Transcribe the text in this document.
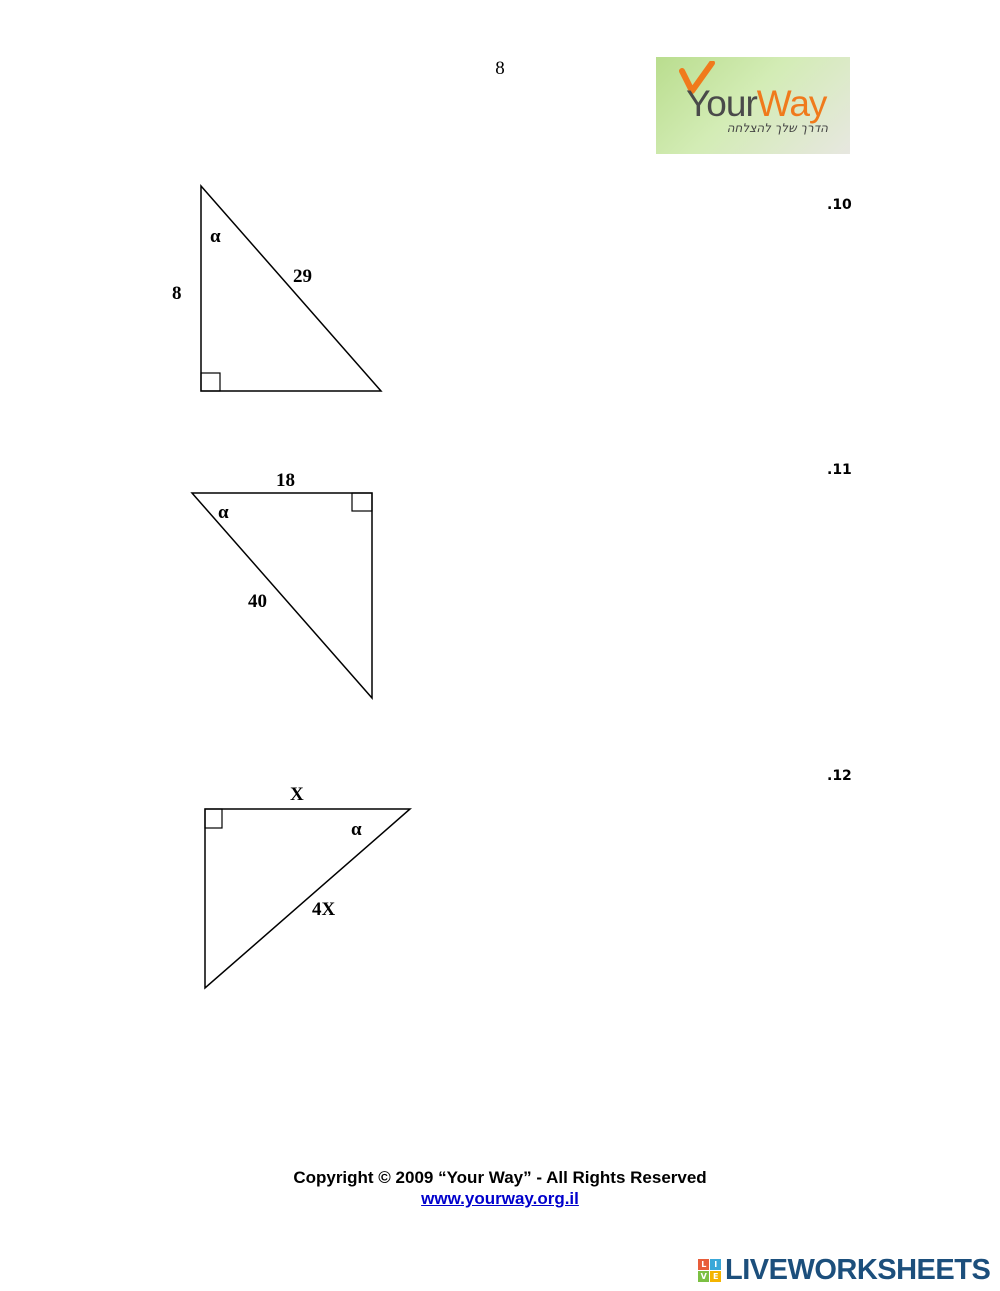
8
YourWay
הדרך שלך להצלחה
.10
8
29
α
.11
18
40
α
.12
X
4X
α
Copyright © 2009 “Your Way” - All Rights Reserved
www.yourway.org.il
L	I
V E LIVEWORKSHEETS
